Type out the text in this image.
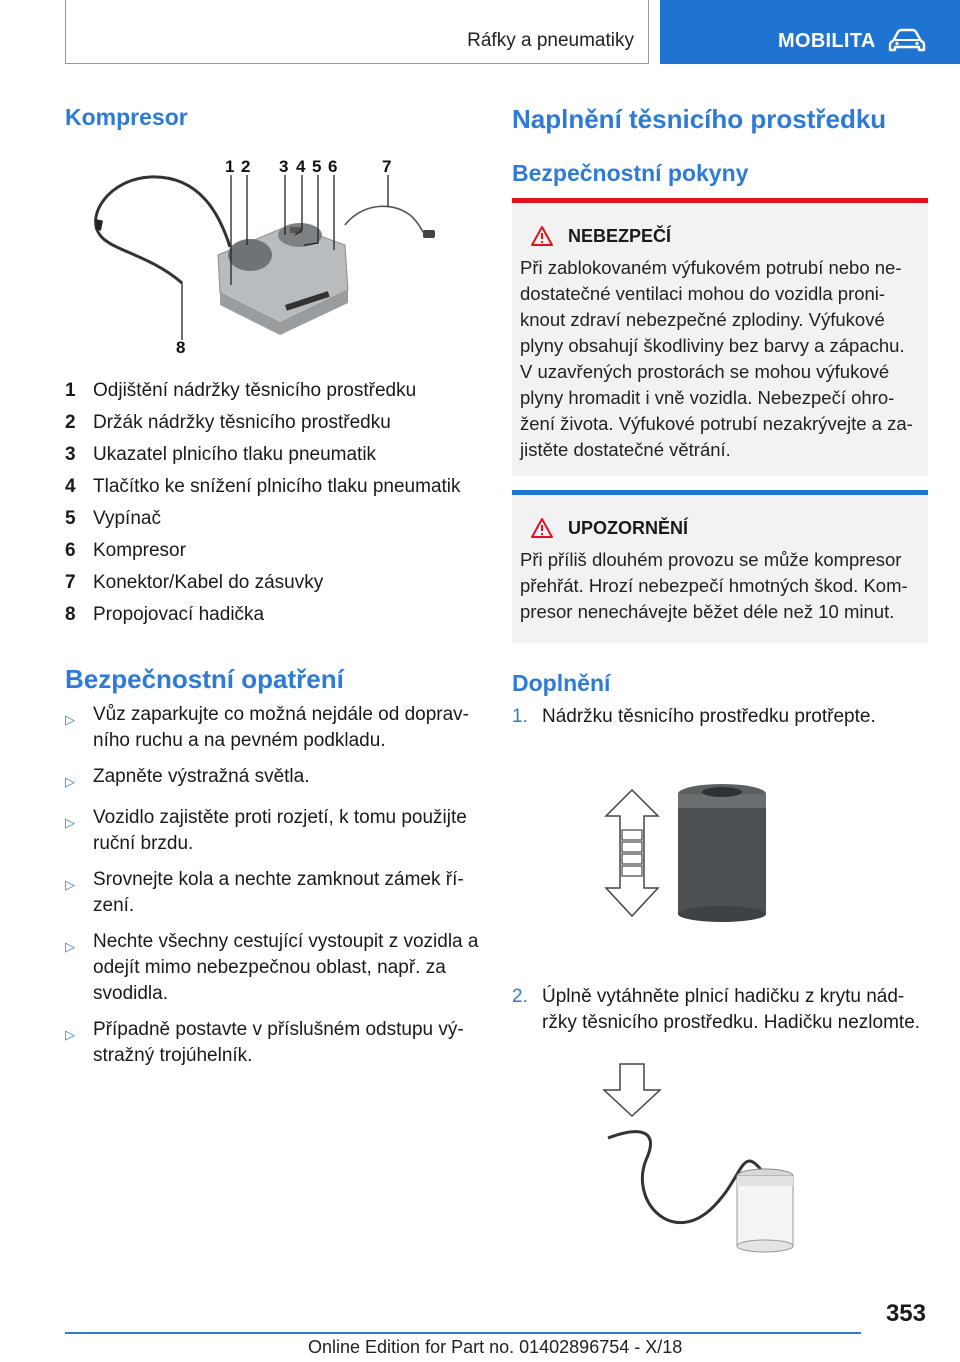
Ráfky a pneumatiky	MOBILITA
Kompresor
1 2 3 4 5 6	7
8
1 Odjištění nádržky těsnicího prostředku
2 Držák nádržky těsnicího prostředku
3 Ukazatel plnicího tlaku pneumatik
4 Tlačítko ke snížení plnicího tlaku pneumatik
5 Vypínač
6 Kompresor
7 Konektor/Kabel do zásuvky
8 Propojovací hadička
Bezpečnostní opatření
▷ Vůz zaparkujte co možná nejdále od doprav-ního ruchu a na pevném podkladu.
▷ Zapněte výstražná světla.
▷ Vozidlo zajistěte proti rozjetí, k tomu použijte ruční brzdu.
▷ Srovnejte kola a nechte zamknout zámek ří-zení.
▷ Nechte všechny cestující vystoupit z vozidla a odejít mimo nebezpečnou oblast, např. za svodidla.
▷ Případně postavte v příslušném odstupu vý-stražný trojúhelník.
Naplnění těsnicího prostředku
Bezpečnostní pokyny
NEBEZPEČÍ
Při zablokovaném výfukovém potrubí nebo ne-dostatečné ventilaci mohou do vozidla proni-knout zdraví nebezpečné zplodiny. Výfukové plyny obsahují škodliviny bez barvy a zápachu. V uzavřených prostorách se mohou výfukové plyny hromadit i vně vozidla. Nebezpečí ohro-žení života. Výfukové potrubí nezakrývejte a za-jistěte dostatečné větrání.
UPOZORNĚNÍ
Při příliš dlouhém provozu se může kompresor přehřát. Hrozí nebezpečí hmotných škod. Kom-presor nenechávejte běžet déle než 10 minut.
Doplnění
1. Nádržku těsnicího prostředku protřepte.
2. Úplně vytáhněte plnicí hadičku z krytu nád-ržky těsnicího prostředku. Hadičku nezlomte.
353
Online Edition for Part no. 01402896754 - X/18
